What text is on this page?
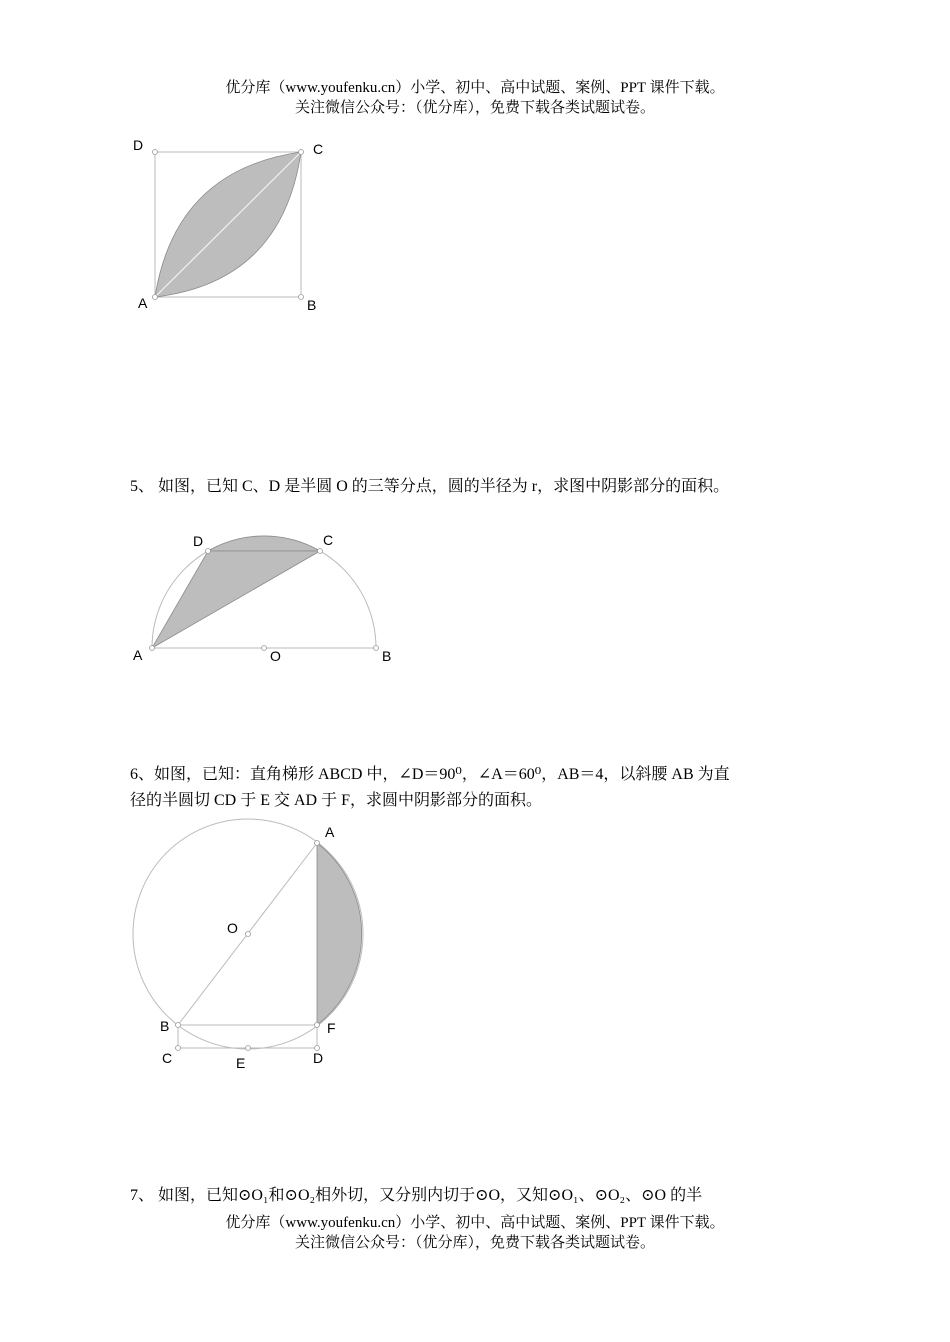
优分库（www.youfenku.cn）小学、初中、高中试题、案例、PPT 课件下载。
关注微信公众号：（优分库），免费下载各类试题试卷。
D	C
A	B
D	C
A	O	B
A
O
B	F
C	E	D
5、 如图，已知 C、D 是半圆 O 的三等分点，圆的半径为 r，求图中阴影部分的面积。
6、如图，已知：直角梯形 ABCD 中，∠D＝90⁰，∠A＝60⁰，AB＝4，以斜腰 AB 为直
径的半圆切 CD 于 E 交 AD 于 F，求圆中阴影部分的面积。
7、 如图，已知⊙O₁和⊙O₂相外切，又分别内切于⊙O，又知⊙O₁、⊙O₂、⊙O 的半
优分库（www.youfenku.cn）小学、初中、高中试题、案例、PPT 课件下载。
关注微信公众号：（优分库），免费下载各类试题试卷。
